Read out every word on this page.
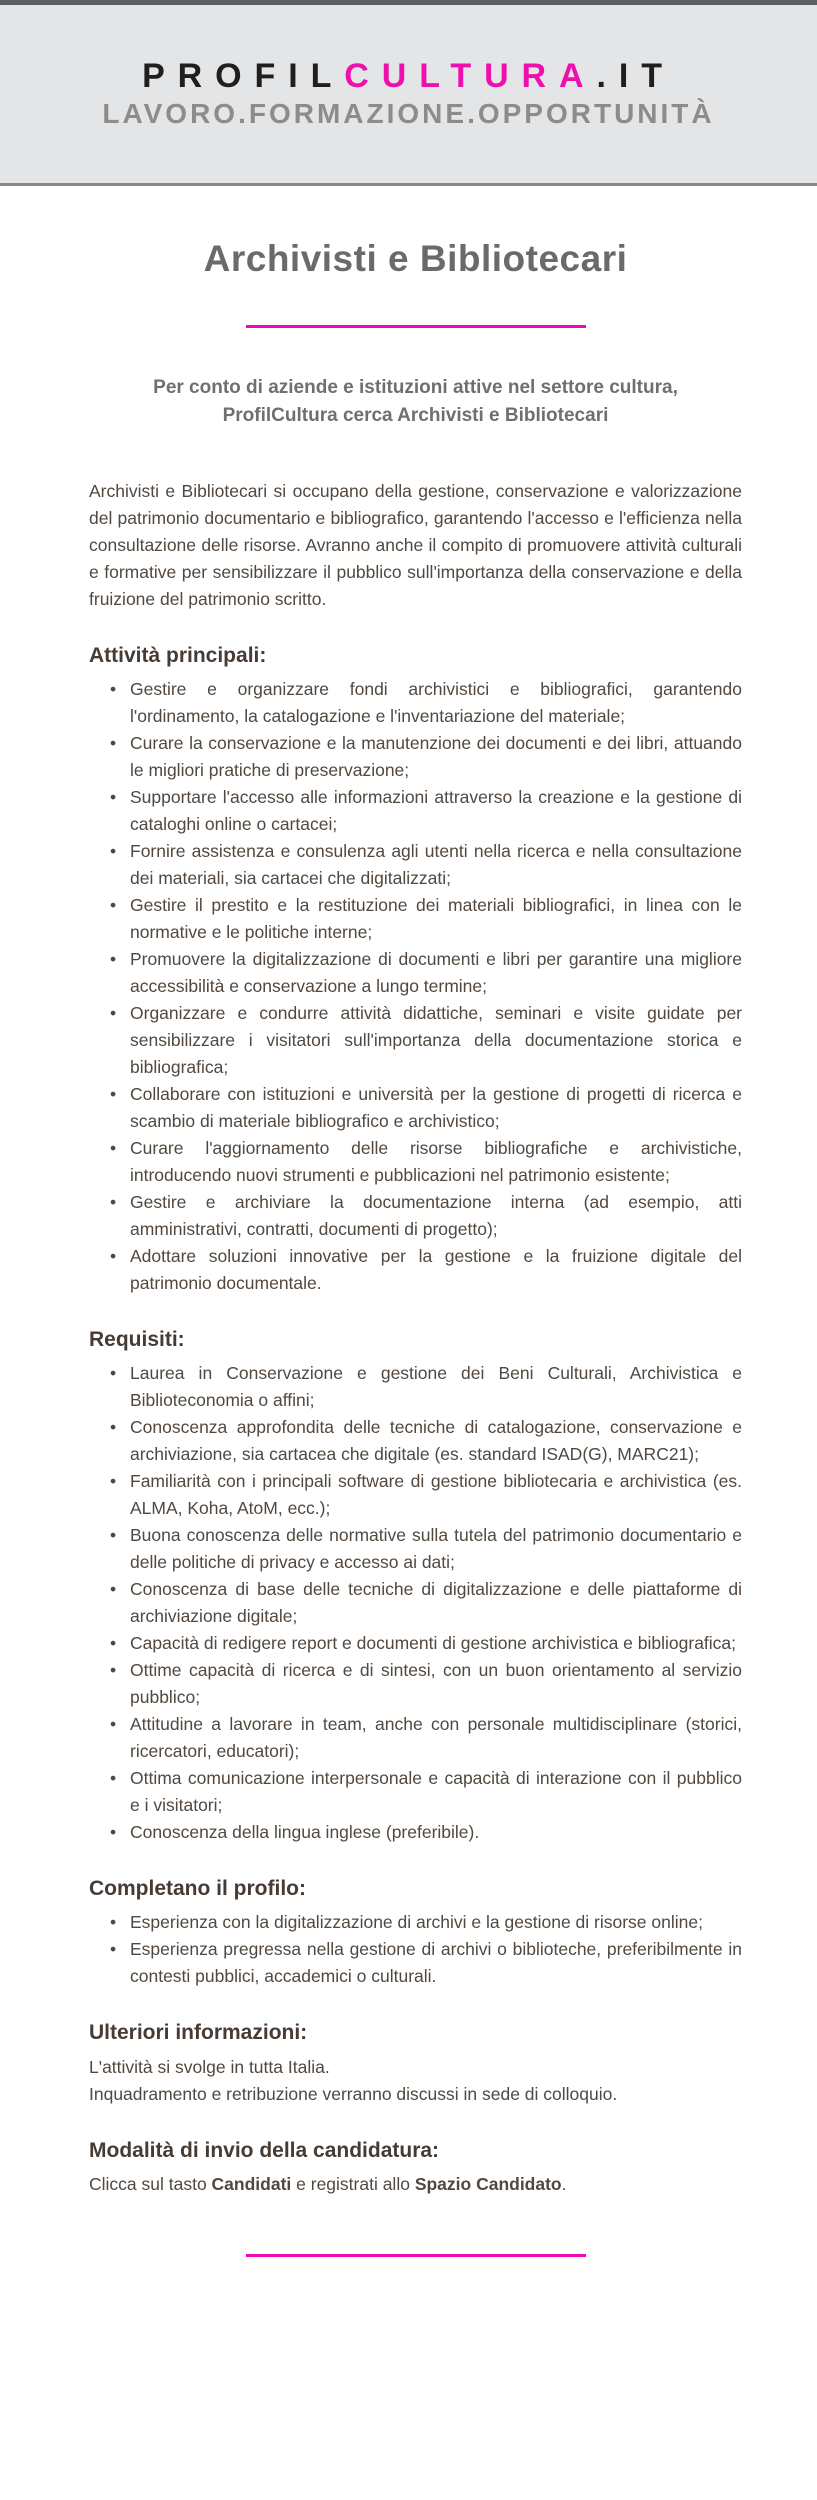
PROFILCULTURA.IT
LAVORO.FORMAZIONE.OPPORTUNITÀ
Archivisti e Bibliotecari
Per conto di aziende e istituzioni attive nel settore cultura,
ProfilCultura cerca Archivisti e Bibliotecari

Archivisti e Bibliotecari si occupano della gestione, conservazione e valorizzazione del patrimonio documentario e bibliografico, garantendo l'accesso e l'efficienza nella consultazione delle risorse. Avranno anche il compito di promuovere attività culturali e formative per sensibilizzare il pubblico sull'importanza della conservazione e della fruizione del patrimonio scritto.

Attività principali:
• Gestire e organizzare fondi archivistici e bibliografici, garantendo l'ordinamento, la catalogazione e l'inventariazione del materiale;
• Curare la conservazione e la manutenzione dei documenti e dei libri, attuando le migliori pratiche di preservazione;
• Supportare l'accesso alle informazioni attraverso la creazione e la gestione di cataloghi online o cartacei;
• Fornire assistenza e consulenza agli utenti nella ricerca e nella consultazione dei materiali, sia cartacei che digitalizzati;
• Gestire il prestito e la restituzione dei materiali bibliografici, in linea con le normative e le politiche interne;
• Promuovere la digitalizzazione di documenti e libri per garantire una migliore accessibilità e conservazione a lungo termine;
• Organizzare e condurre attività didattiche, seminari e visite guidate per sensibilizzare i visitatori sull'importanza della documentazione storica e bibliografica;
• Collaborare con istituzioni e università per la gestione di progetti di ricerca e scambio di materiale bibliografico e archivistico;
• Curare l'aggiornamento delle risorse bibliografiche e archivistiche, introducendo nuovi strumenti e pubblicazioni nel patrimonio esistente;
• Gestire e archiviare la documentazione interna (ad esempio, atti amministrativi, contratti, documenti di progetto);
• Adottare soluzioni innovative per la gestione e la fruizione digitale del patrimonio documentale.
Requisiti:
• Laurea in Conservazione e gestione dei Beni Culturali, Archivistica e Biblioteconomia o affini;
• Conoscenza approfondita delle tecniche di catalogazione, conservazione e archiviazione, sia cartacea che digitale (es. standard ISAD(G), MARC21);
• Familiarità con i principali software di gestione bibliotecaria e archivistica (es. ALMA, Koha, AtoM, ecc.);
• Buona conoscenza delle normative sulla tutela del patrimonio documentario e delle politiche di privacy e accesso ai dati;
• Conoscenza di base delle tecniche di digitalizzazione e delle piattaforme di archiviazione digitale;
• Capacità di redigere report e documenti di gestione archivistica e bibliografica;
• Ottime capacità di ricerca e di sintesi, con un buon orientamento al servizio pubblico;
• Attitudine a lavorare in team, anche con personale multidisciplinare (storici, ricercatori, educatori);
• Ottima comunicazione interpersonale e capacità di interazione con il pubblico e i visitatori;
• Conoscenza della lingua inglese (preferibile).
Completano il profilo:
• Esperienza con la digitalizzazione di archivi e la gestione di risorse online;
• Esperienza pregressa nella gestione di archivi o biblioteche, preferibilmente in contesti pubblici, accademici o culturali.
Ulteriori informazioni:

L'attività si svolge in tutta Italia.

Inquadramento e retribuzione verranno discussi in sede di colloquio.

Modalità di invio della candidatura:

Clicca sul tasto Candidati e registrati allo Spazio Candidato.
